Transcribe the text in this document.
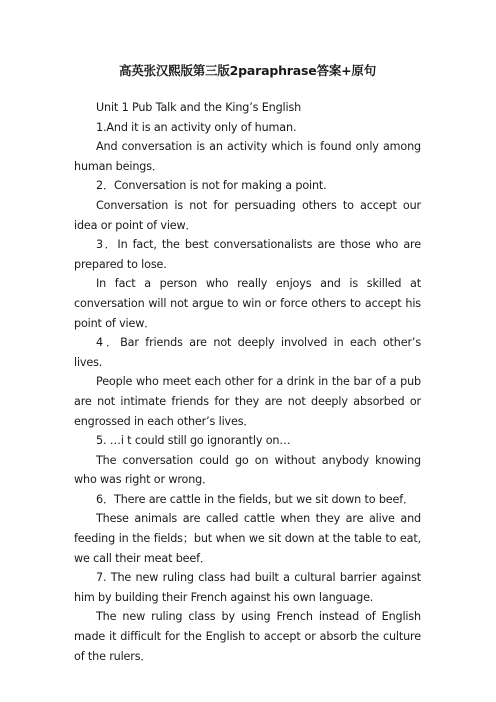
高英张汉熙版第三版2paraphrase答案+原句

Unit 1 Pub Talk and the King’s English

1.And it is an activity only of human.

And conversation is an activity which is found only among human beings．

2．Conversation is not for making a point.

Conversation is not for persuading others to accept our idea or point of view．

3．In fact, the best conversationalists are those who are prepared to lose.

In fact a person who really enjoys and is skilled at conversation will not argue to win or force others to accept his point of view．

4．Bar friends are not deeply involved in each other’s lives.

People who meet each other for a drink in the bar of a pub are not intimate friends for they are not deeply absorbed or engrossed in each other’s lives．

5. …i t could still go ignorantly on…

The conversation could go on without anybody knowing who was right or wrong．

6．There are cattle in the fields, but we sit down to beef．

These animals are called cattle when they are alive and feeding in the fields；but when we sit down at the table to eat, we call their meat beef．

7. The new ruling class had built a cultural barrier against him by building their French against his own language.

The new ruling class by using French instead of English made it difficult for the English to accept or absorb the culture of the rulers．
